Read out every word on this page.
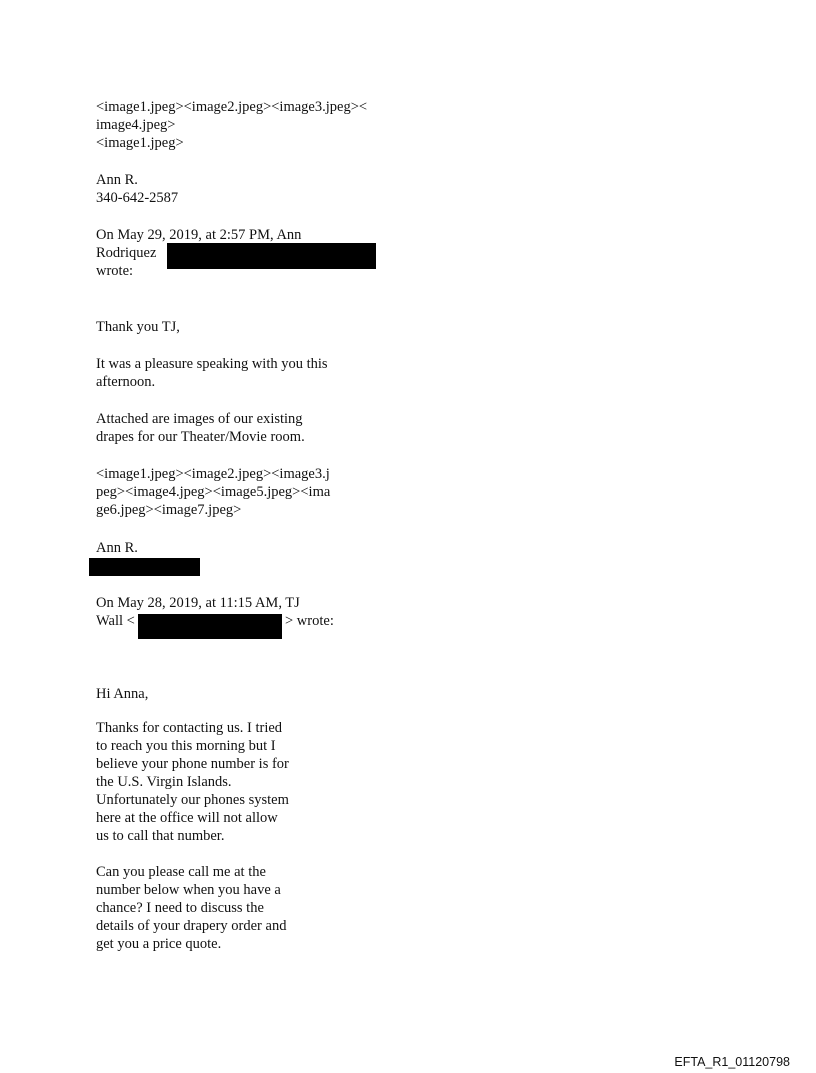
<image1.jpeg><image2.jpeg><image3.jpeg><
image4.jpeg>
<image1.jpeg>
Ann R.
340-642-2587
On May 29, 2019, at 2:57 PM, Ann
Rodriquez
wrote:
Thank you TJ,
It was a pleasure speaking with you this
afternoon.
Attached are images of our existing
drapes for our Theater/Movie room.
<image1.jpeg><image2.jpeg><image3.j
peg><image4.jpeg><image5.jpeg><ima
ge6.jpeg><image7.jpeg>
Ann R.
On May 28, 2019, at 11:15 AM, TJ
Wall <	> wrote:
Hi Anna,
Thanks for contacting us. I tried
to reach you this morning but I
believe your phone number is for
the U.S. Virgin Islands.
Unfortunately our phones system
here at the office will not allow
us to call that number.
Can you please call me at the
number below when you have a
chance? I need to discuss the
details of your drapery order and
get you a price quote.
EFTA_R1_01120798
